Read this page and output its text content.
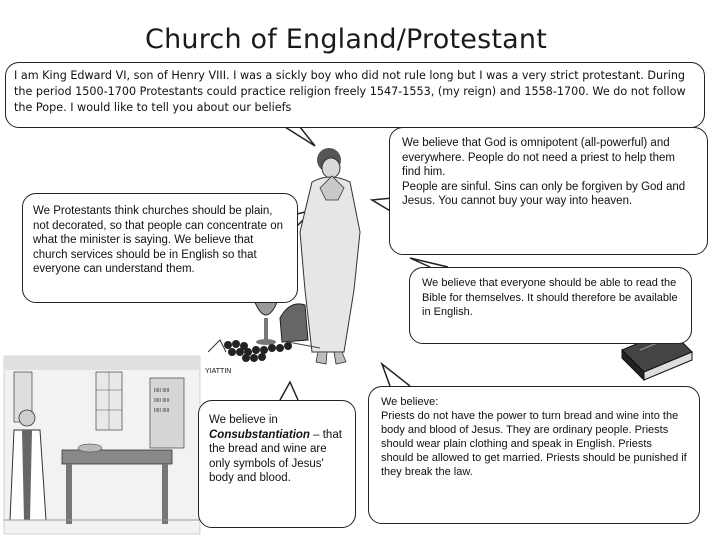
Church of England/Protestant
IIIII IIIII
IIIII IIIII
IIIII IIIII
YIATTIN
I am King Edward VI, son of Henry VIII. I was a sickly boy who did not rule long but I was a very strict protestant. During
the period 1500-1700 Protestants could practice religion freely 1547-1553, (my reign) and 1558-1700. We do not follow
the Pope. I would like to tell you about our beliefs
We Protestants think churches should be plain, not decorated, so that people can concentrate on what the minister is saying. We believe that church services should be in English so that everyone can understand them.
We believe that God is omnipotent (all-powerful) and everywhere. People do not need a priest to help them find him.
People are sinful. Sins can only be forgiven by God and Jesus. You cannot buy your way into heaven.
We believe that everyone should be able to read the Bible for themselves. It should therefore be available in English.
We believe in
Consubstantiation – that the bread and wine are only symbols of Jesus' body and blood.
We believe:
Priests do not have the power to turn bread and wine into the body and blood of Jesus. They are ordinary people. Priests should wear plain clothing and speak in English. Priests should be allowed to get married. Priests should be punished if they break the law.
